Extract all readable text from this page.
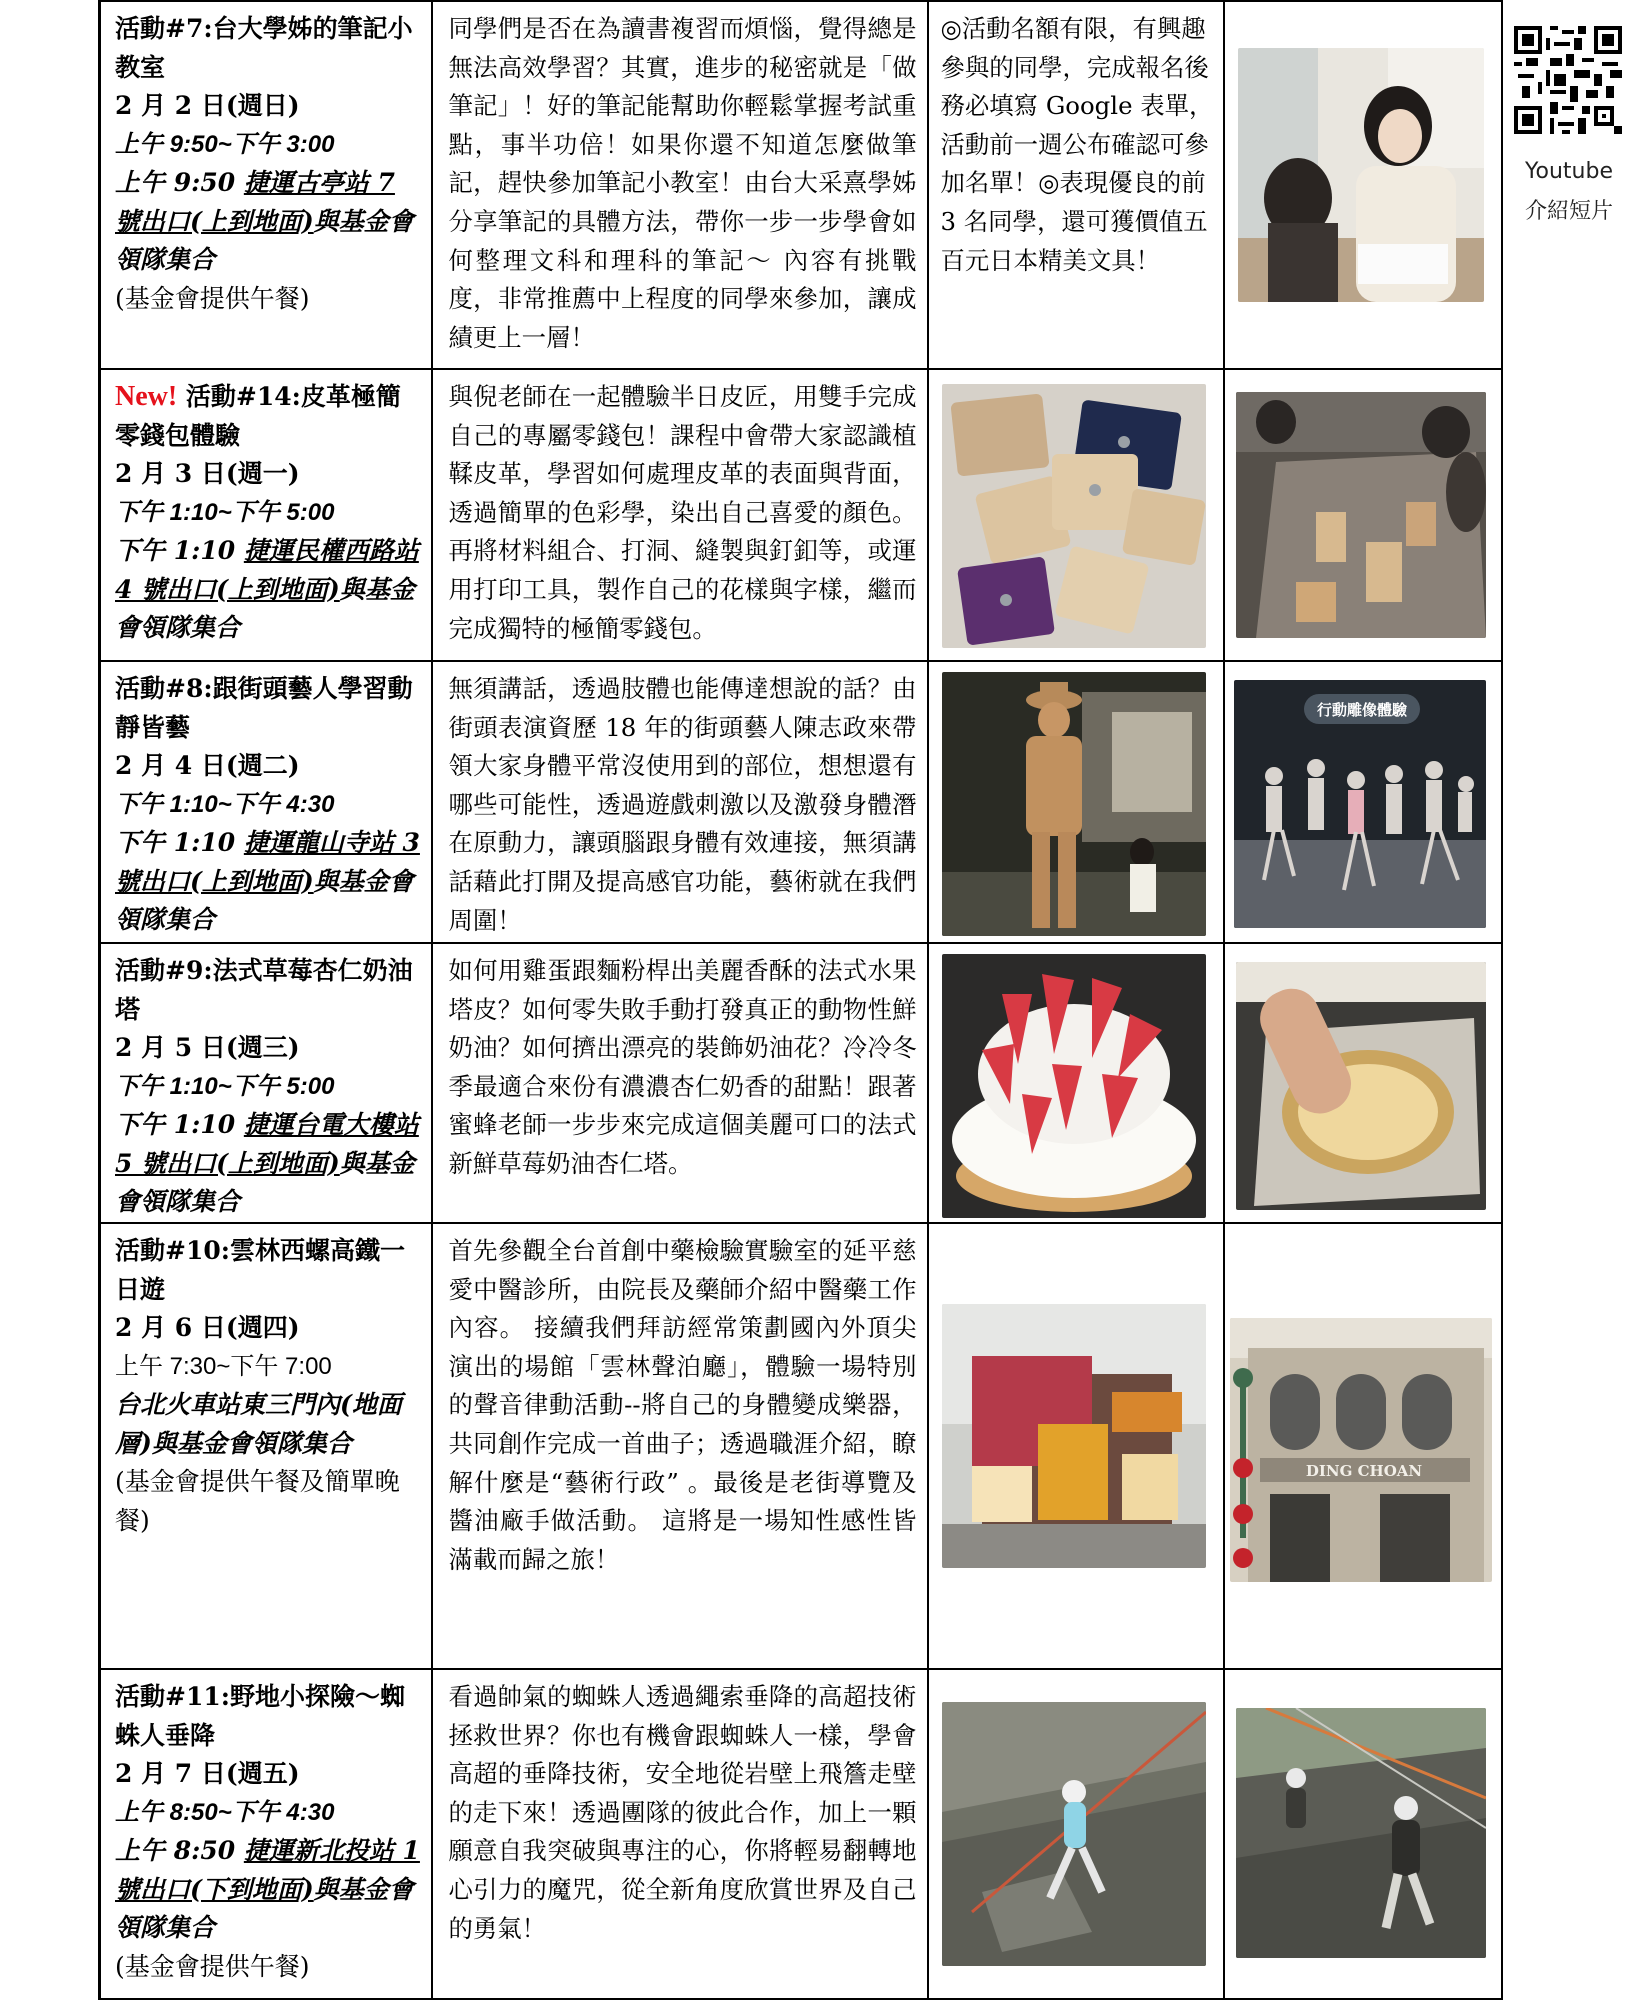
活動#7:台大學姊的筆記小教室
2 月 2 日(週日)
上午 9:50~下午 3:00
上午 9:50 捷運古亭站 7 號出口(上到地面)與基金會領隊集合
(基金會提供午餐)	同學們是否在為讀書複習而煩惱，覺得總是無法高效學習？其實，進步的秘密就是「做筆記」！好的筆記能幫助你輕鬆掌握考試重點，事半功倍！如果你還不知道怎麼做筆記，趕快參加筆記小教室！由台大采熹學姊分享筆記的具體方法，帶你一步一步學會如何整理文科和理科的筆記～ 內容有挑戰度，非常推薦中上程度的同學來參加，讓成績更上一層！	◎活動名額有限，有興趣參與的同學，完成報名後務必填寫 Google 表單，活動前一週公布確認可參加名單！◎表現優良的前 3 名同學，還可獲價值五百元日本精美文具！	

New! 活動#14:皮革極簡零錢包體驗
2 月 3 日(週一)
下午 1:10~下午 5:00
下午 1:10 捷運民權西路站 4 號出口(上到地面)與基金會領隊集合	與倪老師在一起體驗半日皮匠，用雙手完成自己的專屬零錢包！課程中會帶大家認識植鞣皮革，學習如何處理皮革的表面與背面，透過簡單的色彩學，染出自己喜愛的顏色。再將材料組合、打洞、縫製與釘釦等，或運用打印工具，製作自己的花樣與字樣，繼而完成獨特的極簡零錢包。		

活動#8:跟街頭藝人學習動靜皆藝
2 月 4 日(週二)
下午 1:10~下午 4:30
下午 1:10 捷運龍山寺站 3 號出口(上到地面)與基金會領隊集合	無須講話，透過肢體也能傳達想說的話？由街頭表演資歷 18 年的街頭藝人陳志政來帶領大家身體平常沒使用到的部位，想想還有哪些可能性，透過遊戲刺激以及激發身體潛在原動力，讓頭腦跟身體有效連接，無須講話藉此打開及提高感官功能，藝術就在我們周圍！		

活動#9:法式草莓杏仁奶油塔
2 月 5 日(週三)
下午 1:10~下午 5:00
下午 1:10 捷運台電大樓站 5 號出口(上到地面)與基金會領隊集合	如何用雞蛋跟麵粉桿出美麗香酥的法式水果塔皮？如何零失敗手動打發真正的動物性鮮奶油？如何擠出漂亮的裝飾奶油花？冷冷冬季最適合來份有濃濃杏仁奶香的甜點！跟著蜜蜂老師一步步來完成這個美麗可口的法式新鮮草莓奶油杏仁塔。		

活動#10:雲林西螺高鐵一日遊
2 月 6 日(週四)
上午 7:30~下午 7:00
台北火車站東三門內(地面層)與基金會領隊集合
(基金會提供午餐及簡單晚餐)	首先參觀全台首創中藥檢驗實驗室的延平慈愛中醫診所，由院長及藥師介紹中醫藥工作內容。 接續我們拜訪經常策劃國內外頂尖演出的場館「雲林聲泊廳」，體驗一場特別的聲音律動活動--將自己的身體變成樂器，共同創作完成一首曲子；透過職涯介紹，瞭解什麼是“藝術行政” 。最後是老街導覽及醬油廠手做活動。 這將是一場知性感性皆滿載而歸之旅！		

活動#11:野地小探險～蜘蛛人垂降
2 月 7 日(週五)
上午 8:50~下午 4:30
上午 8:50 捷運新北投站 1 號出口(下到地面)與基金會領隊集合
(基金會提供午餐)	看過帥氣的蜘蛛人透過繩索垂降的高超技術拯救世界？你也有機會跟蜘蛛人一樣，學會高超的垂降技術，安全地從岩壁上飛簷走壁的走下來！透過團隊的彼此合作，加上一顆願意自我突破與專注的心，你將輕易翻轉地心引力的魔咒，從全新角度欣賞世界及自己的勇氣！		

行動雕像體驗
DING CHOAN
Youtube
介紹短片
